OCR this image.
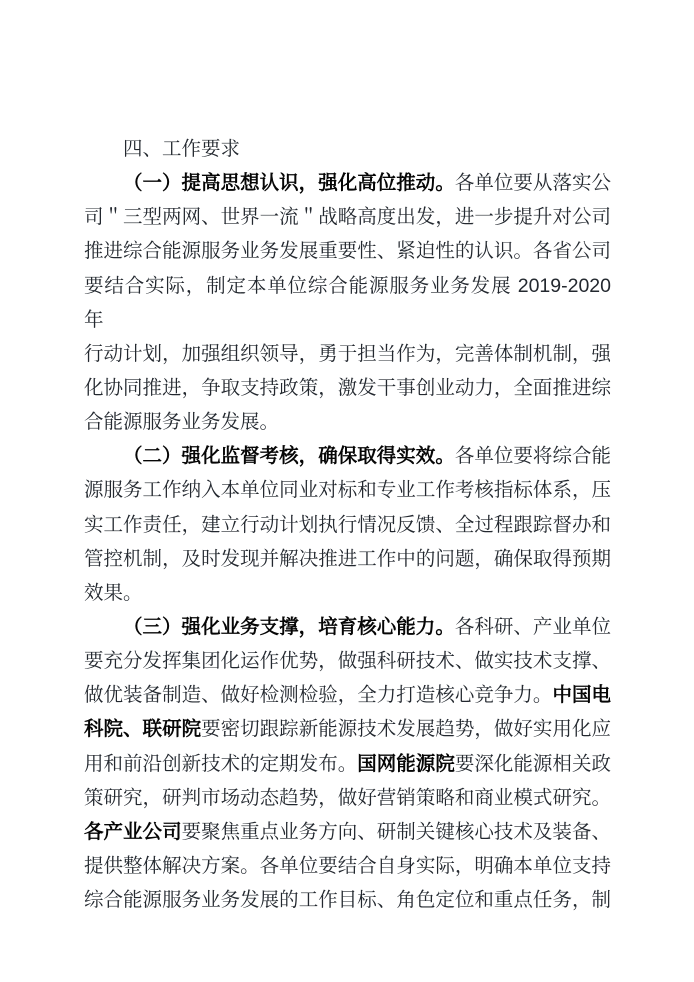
四、工作要求
（一）提高思想认识，强化高位推动。各单位要从落实公
司＂三型两网、世界一流＂战略高度出发，进一步提升对公司
推进综合能源服务业务发展重要性、紧迫性的认识。各省公司
要结合实际，制定本单位综合能源服务业务发展 2019-2020 年
行动计划，加强组织领导，勇于担当作为，完善体制机制，强
化协同推进，争取支持政策，激发干事创业动力，全面推进综
合能源服务业务发展。
（二）强化监督考核，确保取得实效。各单位要将综合能
源服务工作纳入本单位同业对标和专业工作考核指标体系，压
实工作责任，建立行动计划执行情况反馈、全过程跟踪督办和
管控机制，及时发现并解决推进工作中的问题，确保取得预期
效果。
（三）强化业务支撑，培育核心能力。各科研、产业单位
要充分发挥集团化运作优势，做强科研技术、做实技术支撑、
做优装备制造、做好检测检验，全力打造核心竞争力。中国电
科院、联研院要密切跟踪新能源技术发展趋势，做好实用化应
用和前沿创新技术的定期发布。国网能源院要深化能源相关政
策研究，研判市场动态趋势，做好营销策略和商业模式研究。
各产业公司要聚焦重点业务方向、研制关键核心技术及装备、
提供整体解决方案。各单位要结合自身实际，明确本单位支持
综合能源服务业务发展的工作目标、角色定位和重点任务，制
